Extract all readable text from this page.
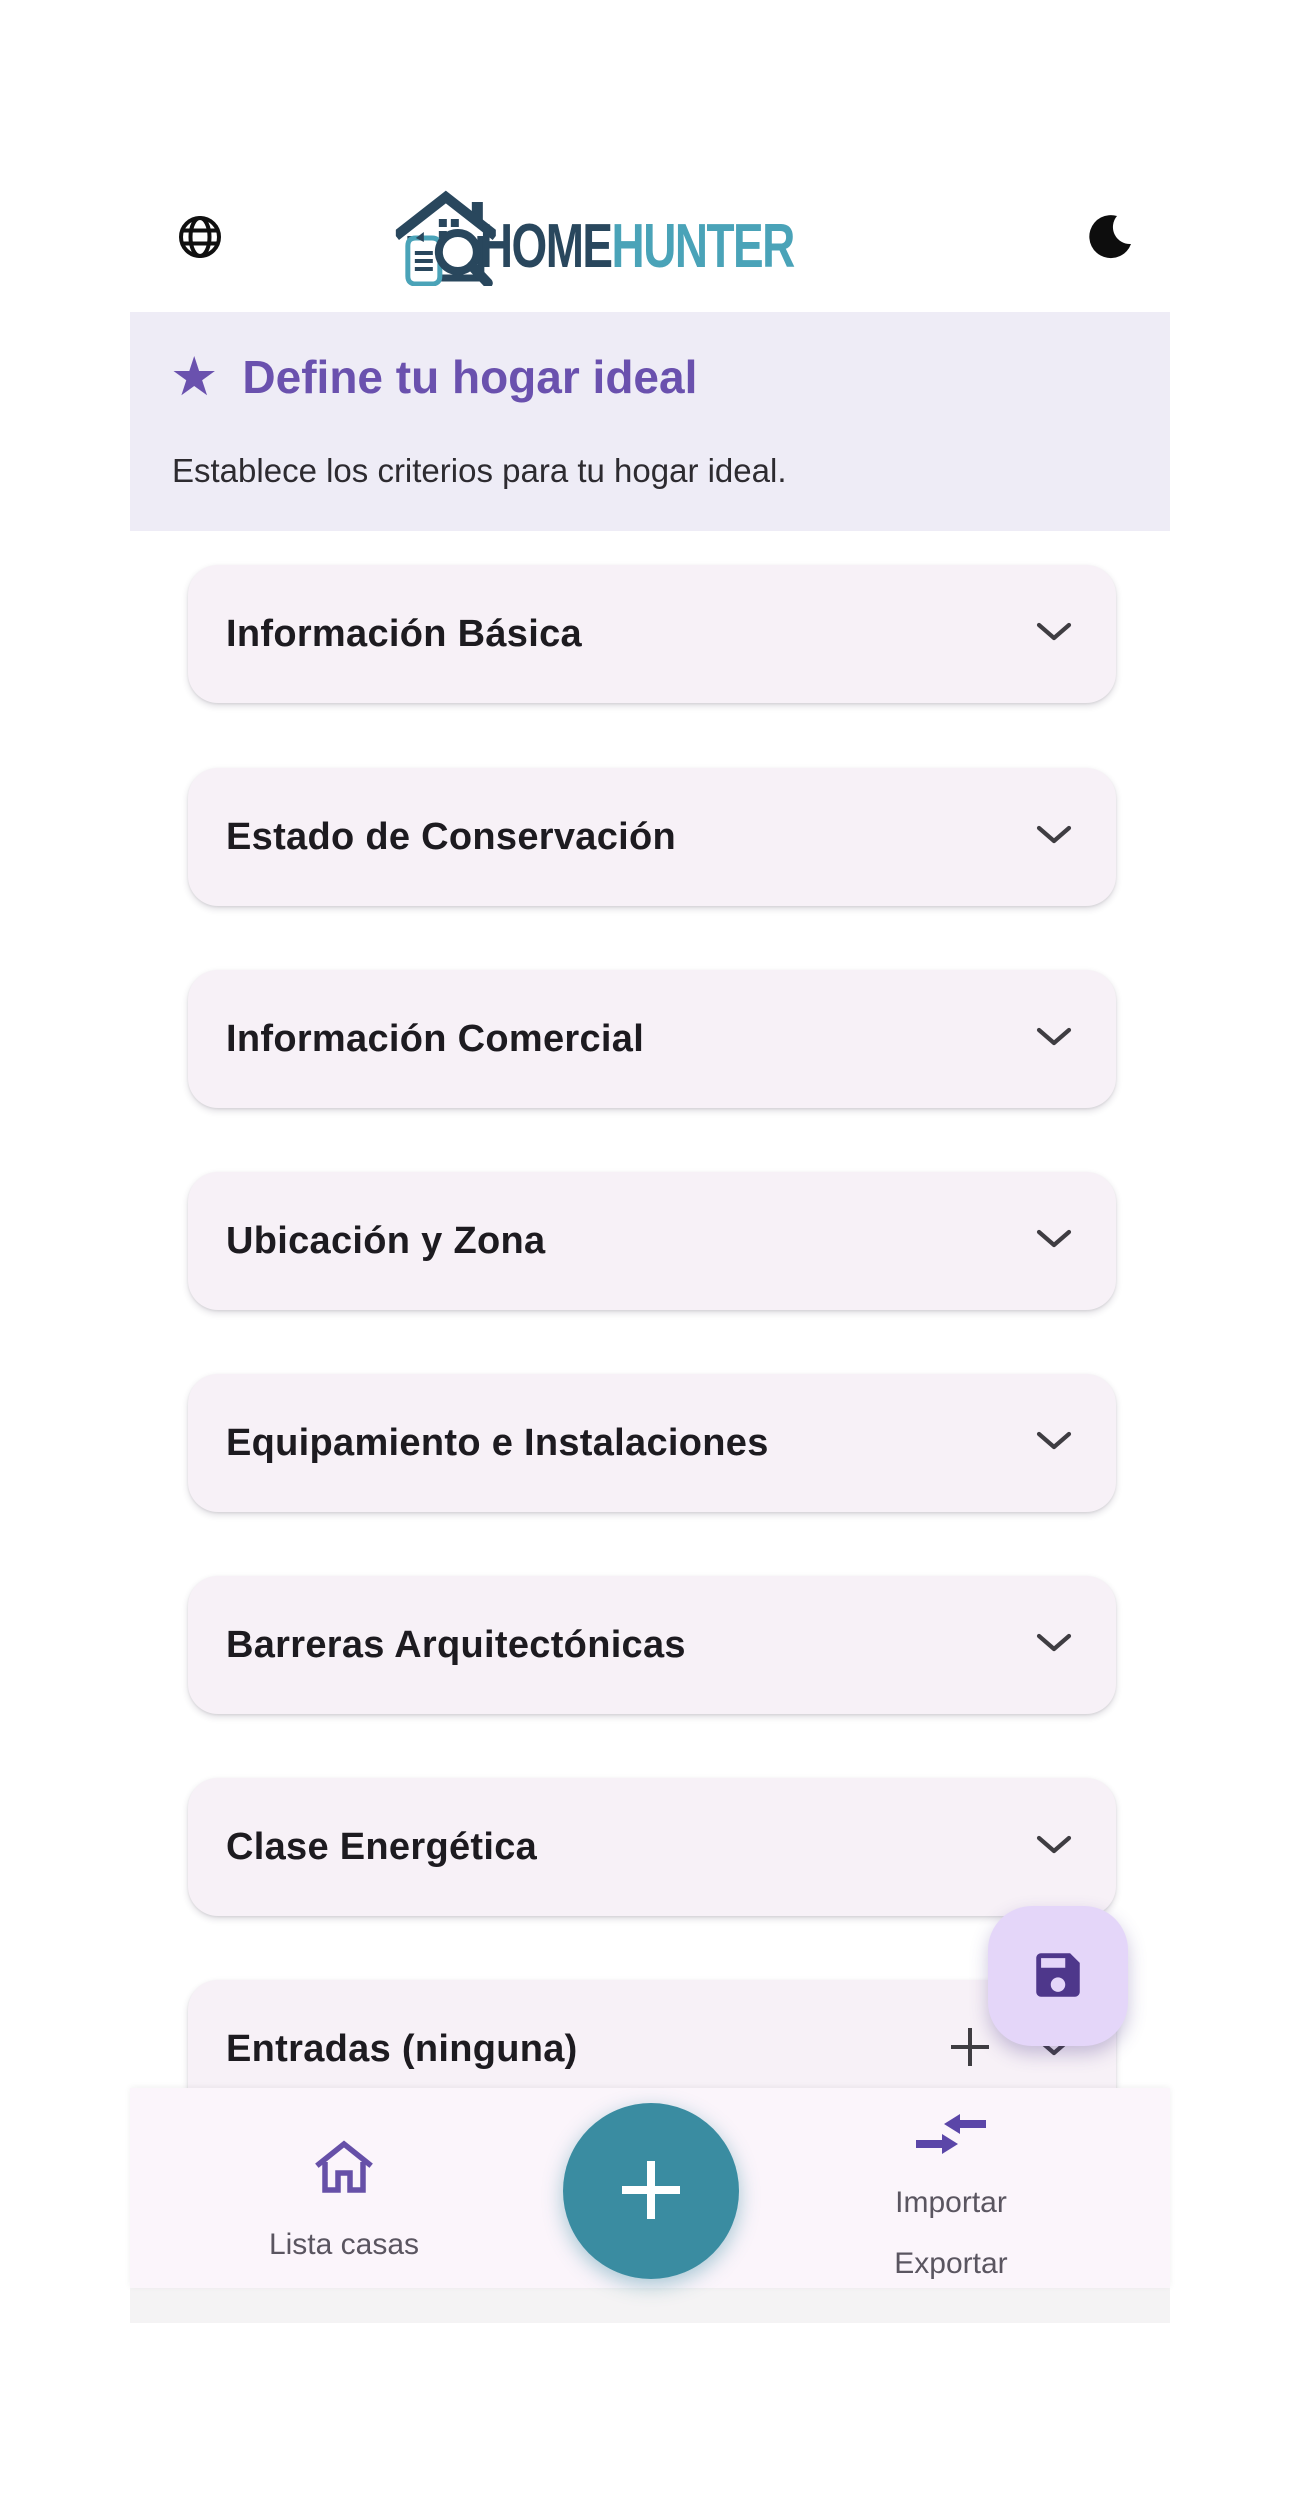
HOMEHUNTER
★ Define tu hogar ideal
Establece los criterios para tu hogar ideal.
Información Básica
Estado de Conservación
Información Comercial
Ubicación y Zona
Equipamiento e Instalaciones
Barreras Arquitectónicas
Clase Energética
Entradas (ninguna)
Lista casas
Importar
Exportar
